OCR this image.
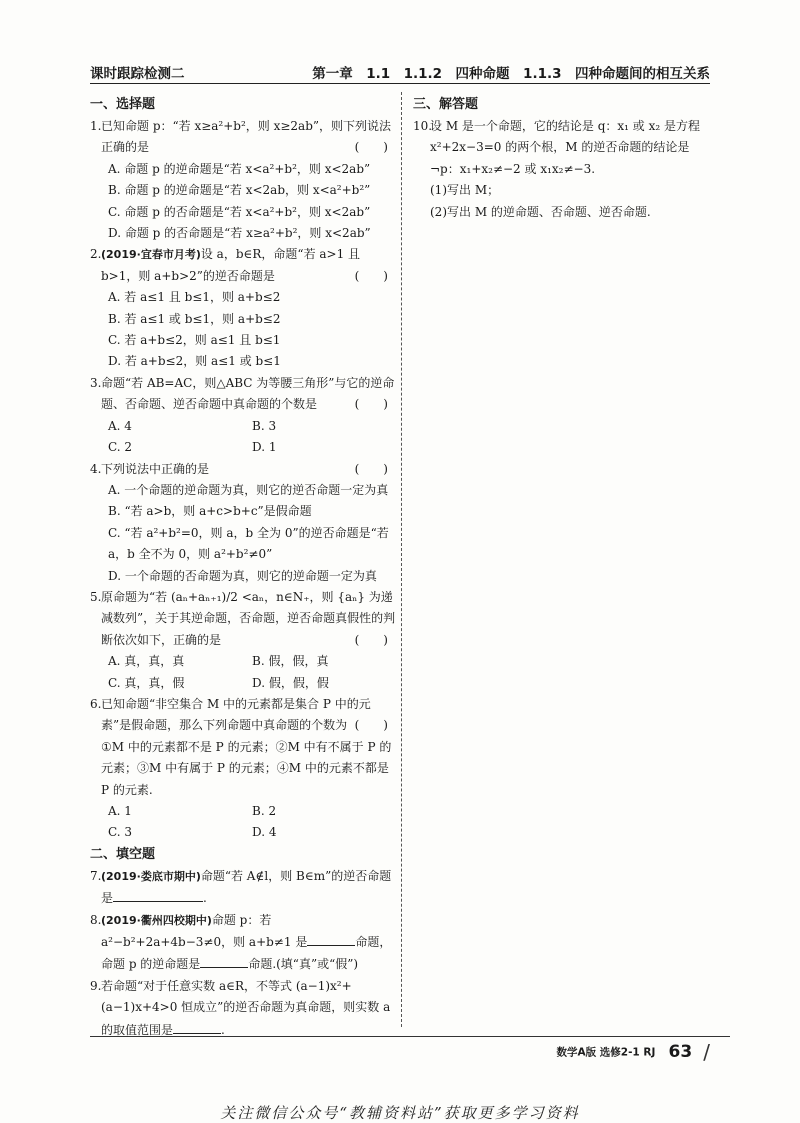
课时跟踪检测二	第一章　1.1　1.1.2　四种命题　1.1.3　四种命题间的相互关系
一、选择题
1. 已知命题 p：“若 x≥a²+b²，则 x≥2ab”，则下列说法正确的是	(　　)
A. 命题 p 的逆命题是“若 x<a²+b²，则 x<2ab”
B. 命题 p 的逆命题是“若 x<2ab，则 x<a²+b²”
C. 命题 p 的否命题是“若 x<a²+b²，则 x<2ab”
D. 命题 p 的否命题是“若 x≥a²+b²，则 x<2ab”
2. (2019·宜春市月考)设 a，b∈R，命题“若 a>1 且 b>1，则 a+b>2”的逆否命题是	(　　)
A. 若 a≤1 且 b≤1，则 a+b≤2
B. 若 a≤1 或 b≤1，则 a+b≤2
C. 若 a+b≤2，则 a≤1 且 b≤1
D. 若 a+b≤2，则 a≤1 或 b≤1
3. 命题“若 AB=AC，则△ABC 为等腰三角形”与它的逆命题、否命题、逆否命题中真命题的个数是	(　　)
A. 4	B. 3
C. 2	D. 1
4. 下列说法中正确的是	(　　)
A. 一个命题的逆命题为真，则它的逆否命题一定为真
B. “若 a>b，则 a+c>b+c”是假命题
C. “若 a²+b²=0，则 a，b 全为 0”的逆否命题是“若 a，b 全不为 0，则 a²+b²≠0”
D. 一个命题的否命题为真，则它的逆命题一定为真
5. 原命题为“若 (aₙ+aₙ₊₁)/2 <aₙ，n∈N₊，则 {aₙ} 为递减数列”，关于其逆命题，否命题，逆否命题真假性的判断依次如下，正确的是	(　　)
A. 真，真，真	B. 假，假，真
C. 真，真，假	D. 假，假，假
6. 已知命题“非空集合 M 中的元素都是集合 P 中的元素”是假命题，那么下列命题中真命题的个数为 (　　)
①M 中的元素都不是 P 的元素；②M 中有不属于 P 的元素；③M 中有属于 P 的元素；④M 中的元素不都是 P 的元素.
A. 1	B. 2
C. 3	D. 4
二、填空题
7. (2019·娄底市期中)命题“若 A∉l，则 B∈m”的逆否命题是	.
8. (2019·衢州四校期中)命题 p：若 a²−b²+2a+4b−3≠0，则 a+b≠1 是	命题，命题 p 的逆命题是	命题.(填“真”或“假”)
9. 若命题“对于任意实数 a∈R，不等式 (a−1)x²+(a−1)x+4>0 恒成立”的逆否命题为真命题，则实数 a 的取值范围是	.
三、解答题
10.
设 M 是一个命题，它的结论是 q：x₁ 或 x₂ 是方程 x²+2x−3=0 的两个根，M 的逆否命题的结论是 ¬p：x₁+x₂≠−2 或 x₁x₂≠−3.
(1)写出 M；
(2)写出 M 的逆命题、否命题、逆否命题.
数学A版 选修2-1 RJ 63 /
关注微信公众号“教辅资料站”获取更多学习资料
